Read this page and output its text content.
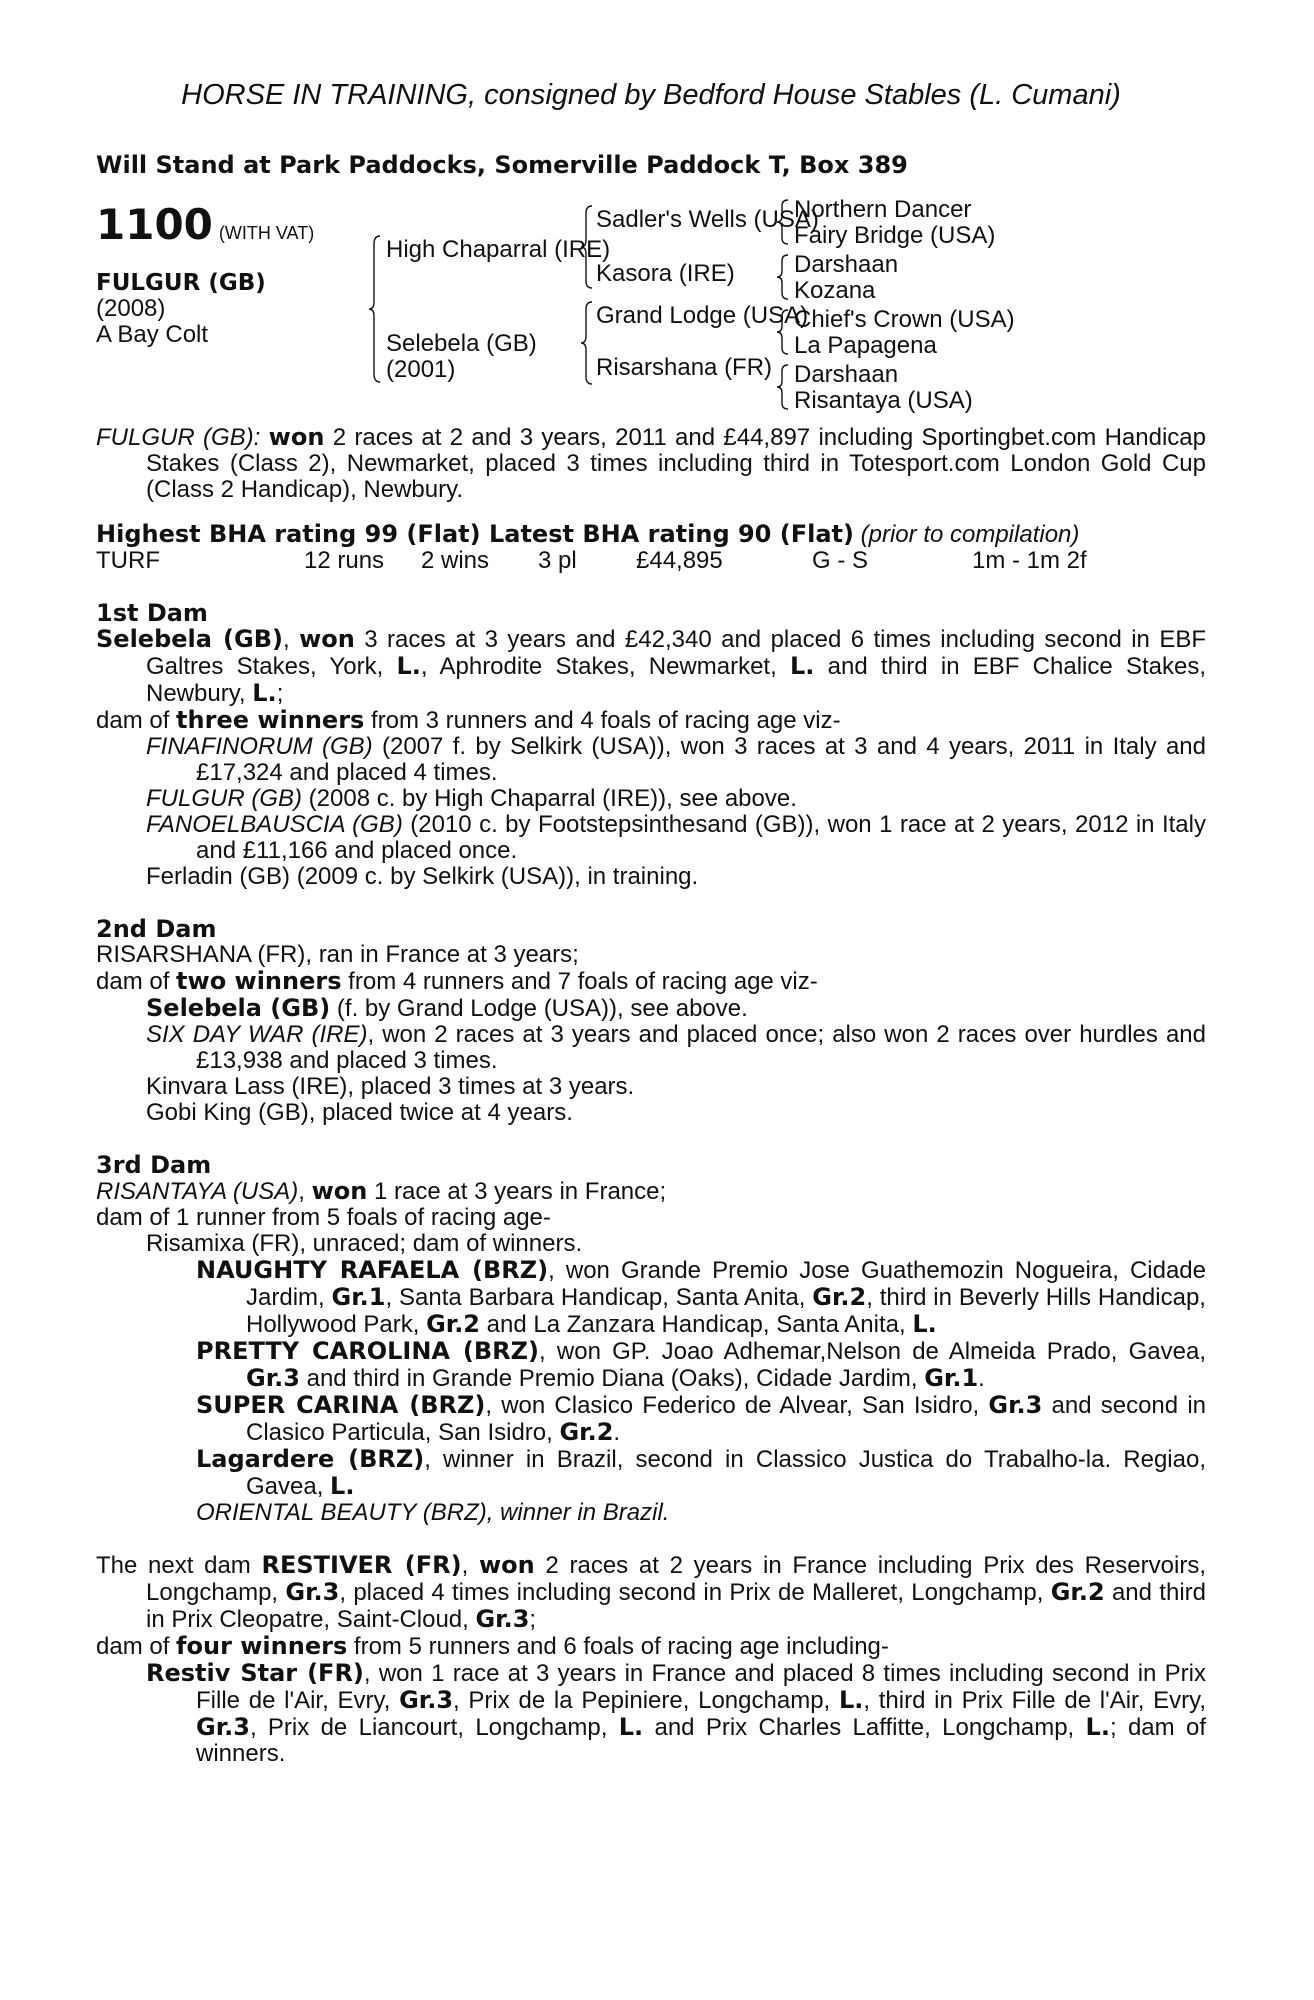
HORSE IN TRAINING, consigned by Bedford House Stables (L. Cumani)
Will Stand at Park Paddocks, Somerville Paddock T, Box 389
1100 (WITH VAT)
FULGUR (GB)
(2008)
A Bay Colt
High Chaparral (IRE)
Selebela (GB)
(2001)
Sadler's Wells (USA)
Kasora (IRE)
Grand Lodge (USA)
Risarshana (FR)
Northern Dancer
Fairy Bridge (USA)
Darshaan
Kozana
Chief's Crown (USA)
La Papagena
Darshaan
Risantaya (USA)
FULGUR (GB): won 2 races at 2 and 3 years, 2011 and £44,897 including Sportingbet.com Handicap Stakes (Class 2), Newmarket, placed 3 times including third in Totesport.com London Gold Cup (Class 2 Handicap), Newbury.
Highest BHA rating 99 (Flat) Latest BHA rating 90 (Flat) (prior to compilation)
TURF	12 runs 2 wins 3 pl £44,895	G - S	1m - 1m 2f
1st Dam
Selebela (GB), won 3 races at 3 years and £42,340 and placed 6 times including second in EBF Galtres Stakes, York, L., Aphrodite Stakes, Newmarket, L. and third in EBF Chalice Stakes, Newbury, L.;
dam of three winners from 3 runners and 4 foals of racing age viz-
FINAFINORUM (GB) (2007 f. by Selkirk (USA)), won 3 races at 3 and 4 years, 2011 in Italy and £17,324 and placed 4 times.
FULGUR (GB) (2008 c. by High Chaparral (IRE)), see above.
FANOELBAUSCIA (GB) (2010 c. by Footstepsinthesand (GB)), won 1 race at 2 years, 2012 in Italy and £11,166 and placed once.
Ferladin (GB) (2009 c. by Selkirk (USA)), in training.
2nd Dam
RISARSHANA (FR), ran in France at 3 years;
dam of two winners from 4 runners and 7 foals of racing age viz-
Selebela (GB) (f. by Grand Lodge (USA)), see above.
SIX DAY WAR (IRE), won 2 races at 3 years and placed once; also won 2 races over hurdles and £13,938 and placed 3 times.
Kinvara Lass (IRE), placed 3 times at 3 years.
Gobi King (GB), placed twice at 4 years.
3rd Dam
RISANTAYA (USA), won 1 race at 3 years in France;
dam of 1 runner from 5 foals of racing age-
Risamixa (FR), unraced; dam of winners.
NAUGHTY RAFAELA (BRZ), won Grande Premio Jose Guathemozin Nogueira, Cidade Jardim, Gr.1, Santa Barbara Handicap, Santa Anita, Gr.2, third in Beverly Hills Handicap, Hollywood Park, Gr.2 and La Zanzara Handicap, Santa Anita, L.
PRETTY CAROLINA (BRZ), won GP. Joao Adhemar,Nelson de Almeida Prado, Gavea, Gr.3 and third in Grande Premio Diana (Oaks), Cidade Jardim, Gr.1.
SUPER CARINA (BRZ), won Clasico Federico de Alvear, San Isidro, Gr.3 and second in Clasico Particula, San Isidro, Gr.2.
Lagardere (BRZ), winner in Brazil, second in Classico Justica do Trabalho-la. Regiao, Gavea, L.
ORIENTAL BEAUTY (BRZ), winner in Brazil.
The next dam RESTIVER (FR), won 2 races at 2 years in France including Prix des Reservoirs, Longchamp, Gr.3, placed 4 times including second in Prix de Malleret, Longchamp, Gr.2 and third in Prix Cleopatre, Saint-Cloud, Gr.3;
dam of four winners from 5 runners and 6 foals of racing age including-
Restiv Star (FR), won 1 race at 3 years in France and placed 8 times including second in Prix Fille de l'Air, Evry, Gr.3, Prix de la Pepiniere, Longchamp, L., third in Prix Fille de l'Air, Evry, Gr.3, Prix de Liancourt, Longchamp, L. and Prix Charles Laffitte, Longchamp, L.; dam of winners.
